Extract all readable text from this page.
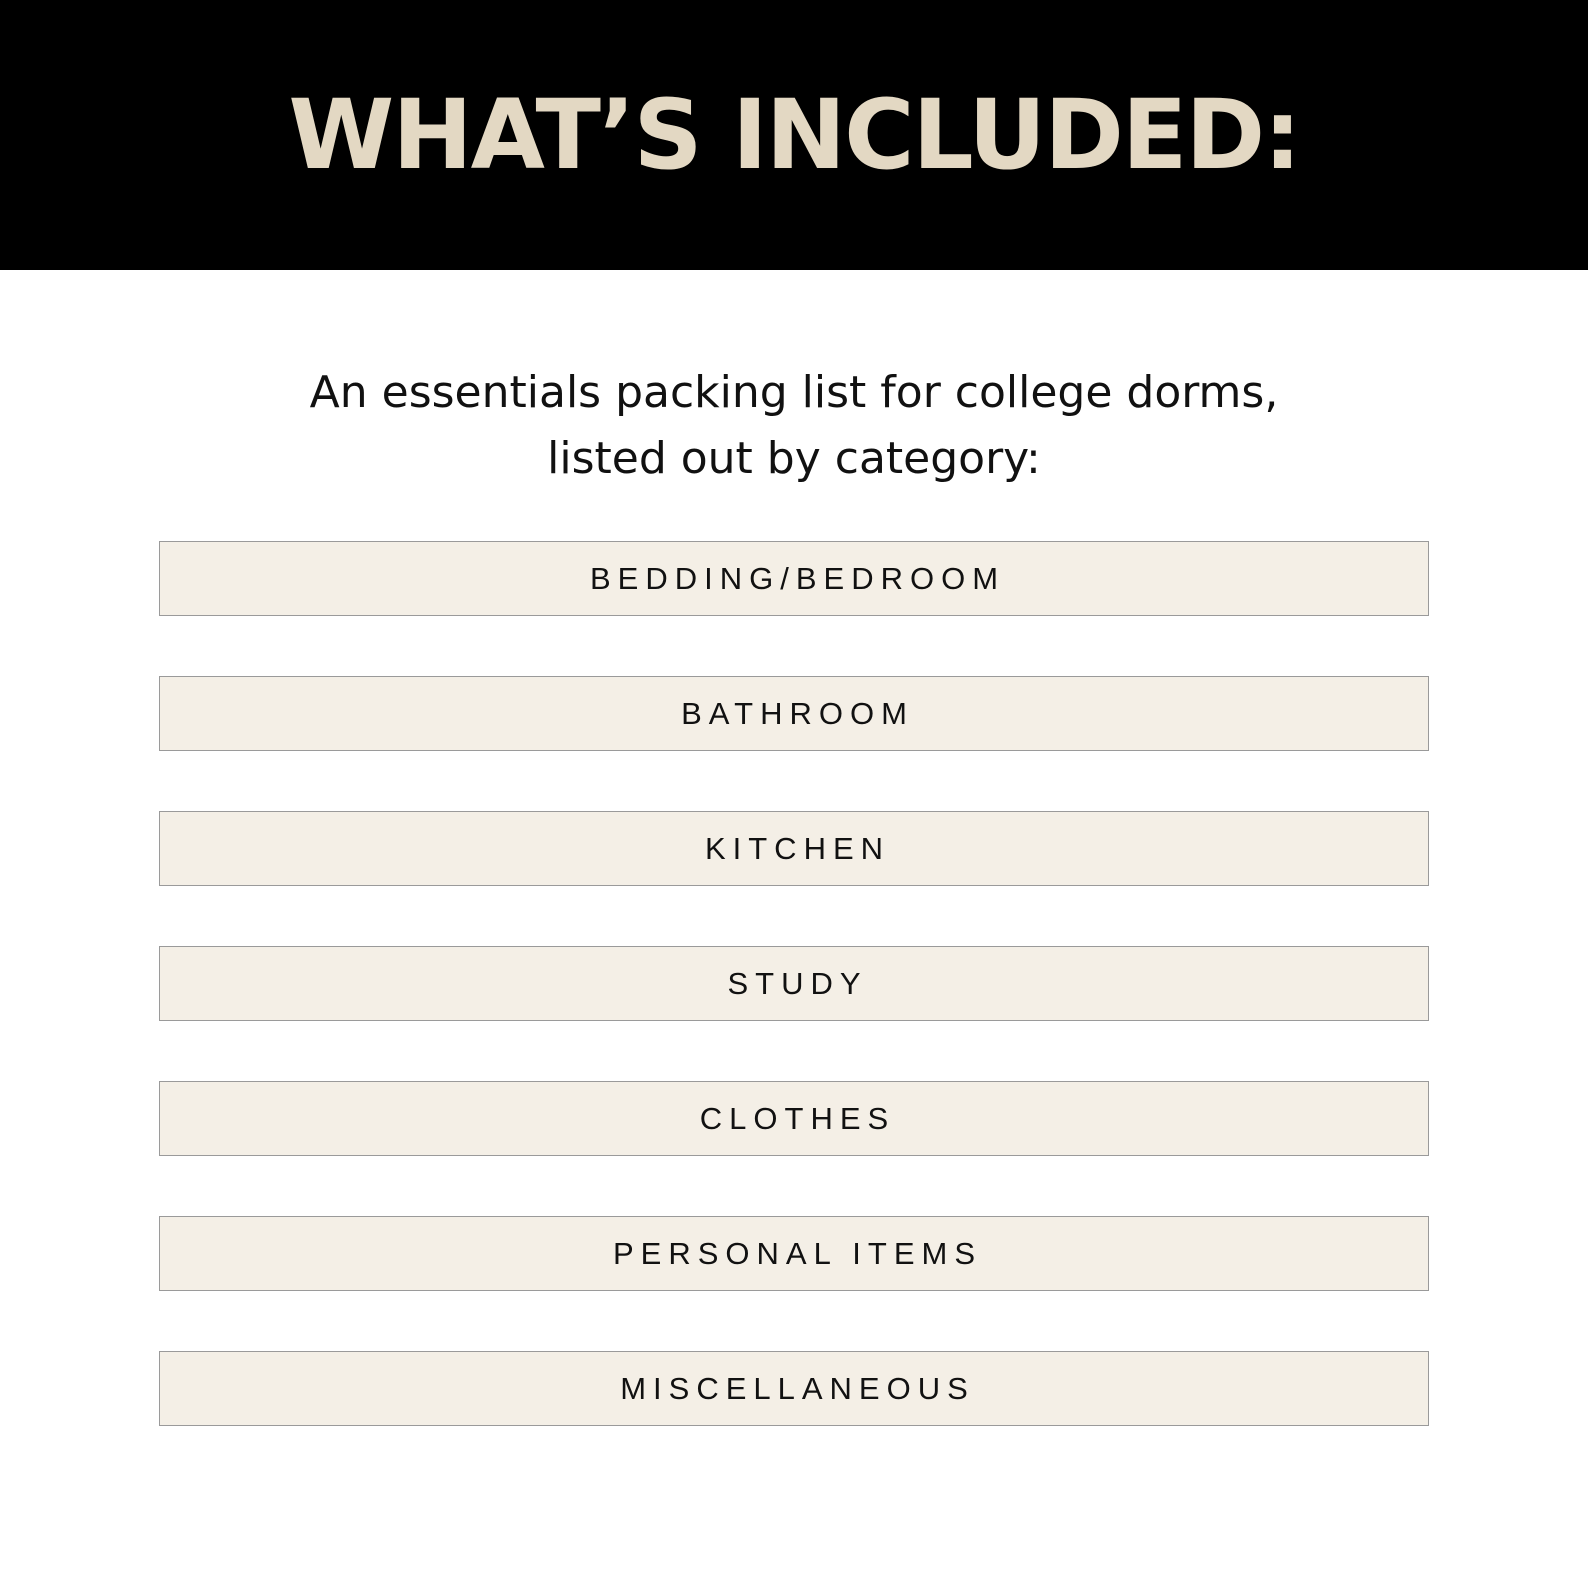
WHAT’S INCLUDED:
An essentials packing list for college dorms,
listed out by category:
BEDDING/BEDROOM
BATHROOM
KITCHEN
STUDY
CLOTHES
PERSONAL ITEMS
MISCELLANEOUS
